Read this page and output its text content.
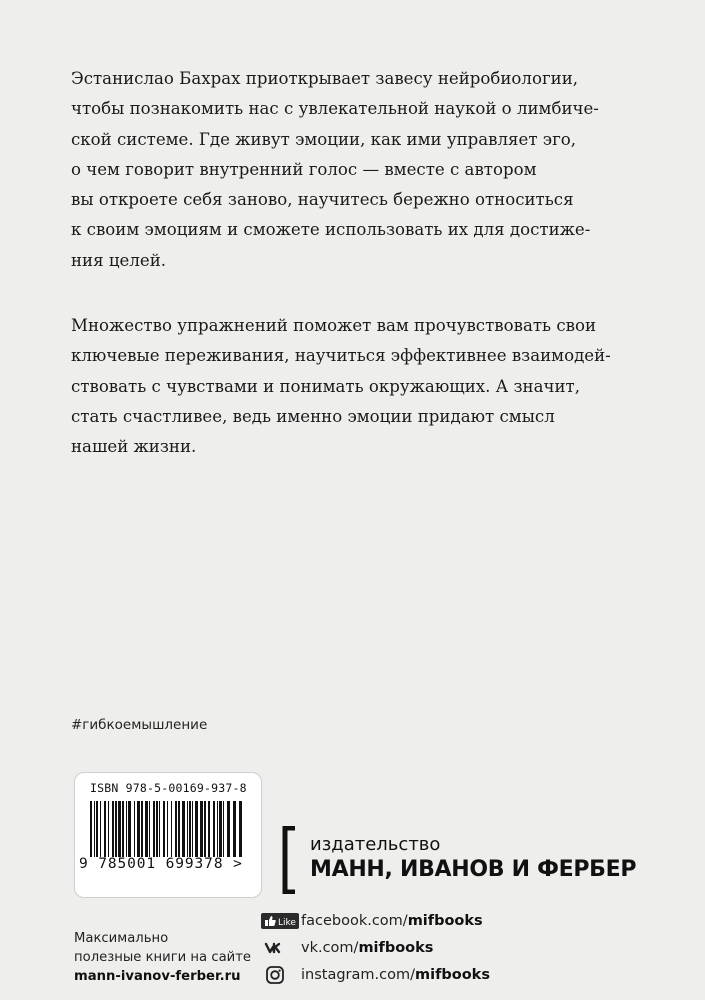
Эстанислао Бахрах приоткрывает завесу нейробиологии,
чтобы познакомить нас с увлекательной наукой о лимбиче-
ской системе. Где живут эмоции, как ими управляет эго,
о чем говорит внутренний голос — вместе с автором
вы откроете себя заново, научитесь бережно относиться
к своим эмоциям и сможете использовать их для достиже-
ния целей.

Множество упражнений поможет вам прочувствовать свои
ключевые переживания, научиться эффективнее взаимодей-
ствовать с чувствами и понимать окружающих. А значит,
стать счастливее, ведь именно эмоции придают смысл
нашей жизни.

#гибкоемышление
ISBN 978-5-00169-937-8
9 785001 699378 >
издательство
МАНН, ИВАНОВ И ФЕРБЕР
Максимально
полезные книги на сайте
mann-ivanov-ferber.ru
Like facebook.com/mifbooks
vk.com/mifbooks
instagram.com/mifbooks
